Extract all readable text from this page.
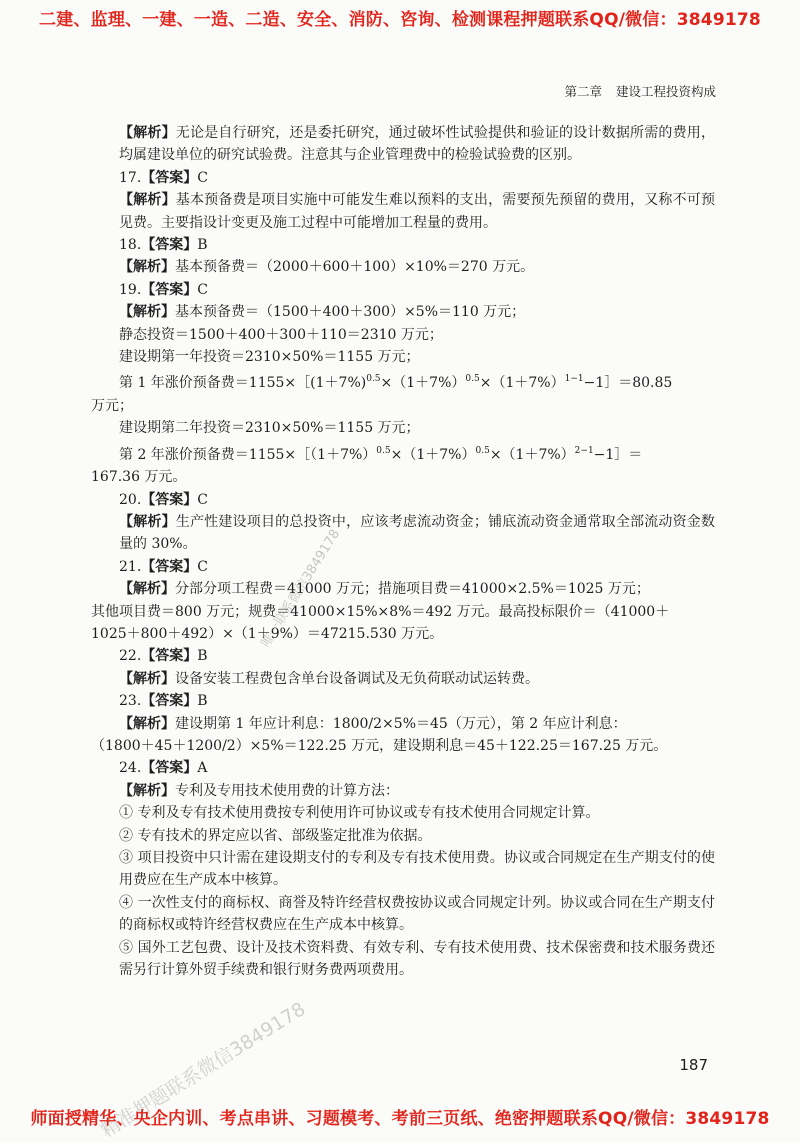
二建、监理、一建、一造、二造、安全、消防、咨询、检测课程押题联系QQ/微信：3849178
第二章 建设工程投资构成

【解析】无论是自行研究，还是委托研究，通过破坏性试验提供和验证的设计数据所需的费用，均属建设单位的研究试验费。注意其与企业管理费中的检验试验费的区别。

17.【答案】C

【解析】基本预备费是项目实施中可能发生难以预料的支出，需要预先预留的费用，又称不可预见费。主要指设计变更及施工过程中可能增加工程量的费用。

18.【答案】B

【解析】基本预备费＝（2000＋600＋100）×10%＝270 万元。

19.【答案】C

【解析】基本预备费＝（1500＋400＋300）×5%＝110 万元；

静态投资＝1500＋400＋300＋110＝2310 万元；

建设期第一年投资＝2310×50%＝1155 万元；

第 1 年涨价预备费$=1155\times[(1+7\%)^{0.5}\times(1+7\%)^{0.5}\times(1+7\%)^{1-1}-1]=80.85$

万元；

建设期第二年投资＝2310×50%＝1155 万元；

第 2 年涨价预备费$=1155\times[(1+7\%)^{0.5}\times(1+7\%)^{0.5}\times(1+7\%)^{2-1}-1]=$

167.36 万元。

20.【答案】C

【解析】生产性建设项目的总投资中，应该考虑流动资金；铺底流动资金通常取全部流动资金数量的 30%。

21.【答案】C

【解析】分部分项工程费＝41000 万元；措施项目费＝41000×2.5%＝1025 万元；

其他项目费＝800 万元；规费＝41000×15%×8%＝492 万元。最高投标限价＝（41000＋

1025＋800＋492）×（1＋9%）＝47215.530 万元。

22.【答案】B

【解析】设备安装工程费包含单台设备调试及无负荷联动试运转费。

23.【答案】B

【解析】建设期第 1 年应计利息：1800/2×5%＝45（万元），第 2 年应计利息：

（1800＋45＋1200/2）×5%＝122.25 万元，建设期利息＝45＋122.25＝167.25 万元。

24.【答案】A

【解析】专利及专用技术使用费的计算方法：

① 专利及专有技术使用费按专利使用许可协议或专有技术使用合同规定计算。

② 专有技术的界定应以省、部级鉴定批准为依据。

③ 项目投资中只计需在建设期支付的专利及专有技术使用费。协议或合同规定在生产期支付的使用费应在生产成本中核算。

④ 一次性支付的商标权、商誉及特许经营权费按协议或合同规定计列。协议或合同在生产期支付的商标权或特许经营权费应在生产成本中核算。

⑤ 国外工艺包费、设计及技术资料费、有效专利、专有技术使用费、技术保密费和技术服务费还需另行计算外贸手续费和银行财务费两项费用。

187
唯一联系微信3849178
精准押题联系微信3849178
师面授精华、央企内训、考点串讲、习题模考、考前三页纸、绝密押题联系QQ/微信：3849178
